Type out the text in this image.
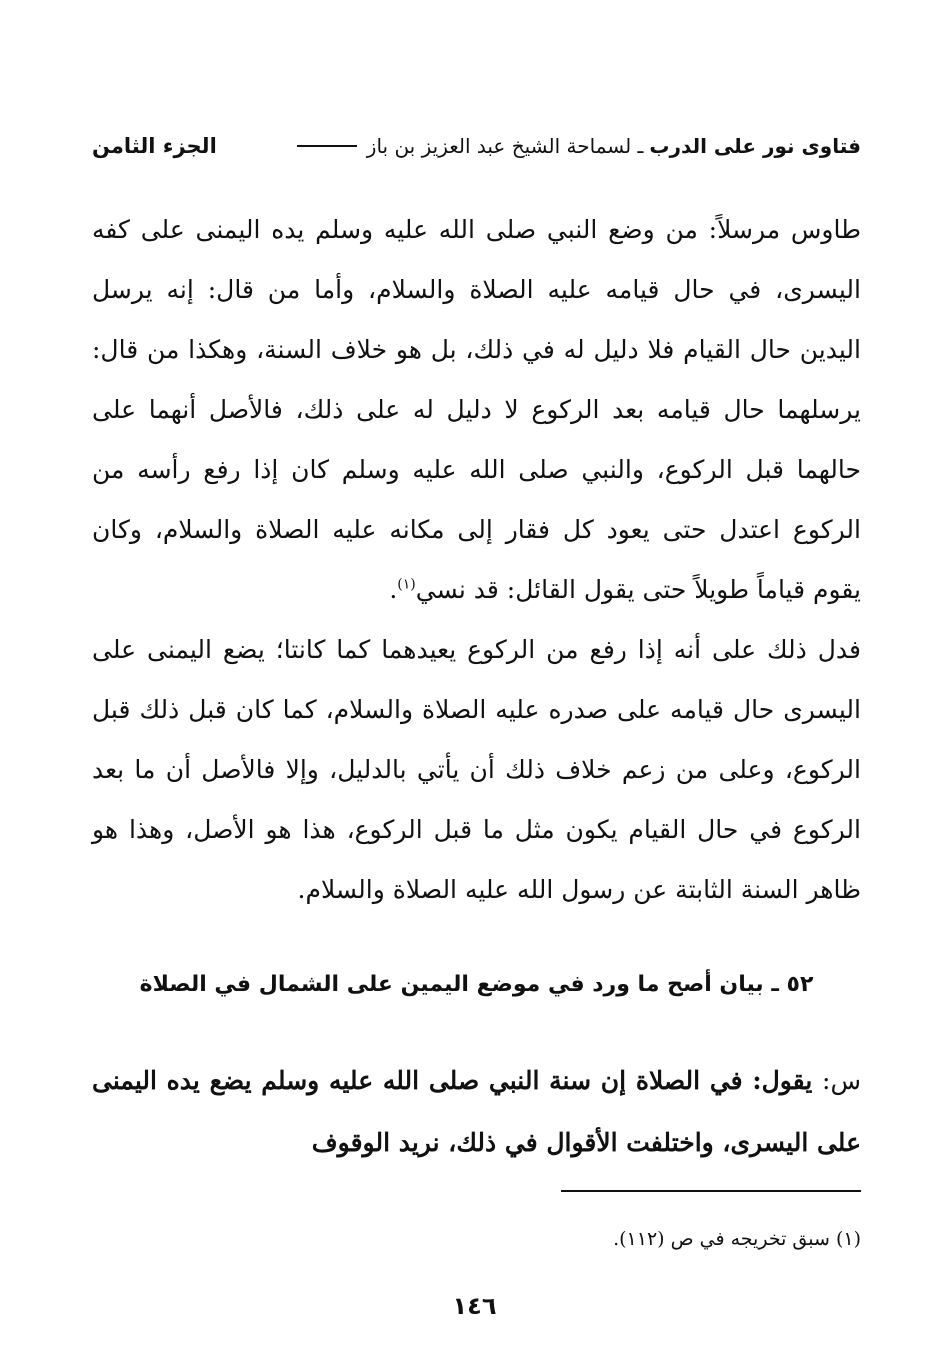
فتاوى نور على الدرب
ـ لسماحة الشيخ عبد العزيز بن باز
الجزء الثامن

طاوس مرسلاً: من وضع النبي صلى الله عليه وسلم يده اليمنى على كفه اليسرى، في حال قيامه عليه الصلاة والسلام، وأما من قال: إنه يرسل اليدين حال القيام فلا دليل له في ذلك، بل هو خلاف السنة، وهكذا من قال: يرسلهما حال قيامه بعد الركوع لا دليل له على ذلك، فالأصل أنهما على حالهما قبل الركوع، والنبي صلى الله عليه وسلم كان إذا رفع رأسه من الركوع اعتدل حتى يعود كل فقار إلى مكانه عليه الصلاة والسلام، وكان يقوم قياماً طويلاً حتى يقول القائل: قد نسي$^{(١)}$.

فدل ذلك على أنه إذا رفع من الركوع يعيدهما كما كانتا؛ يضع اليمنى على اليسرى حال قيامه على صدره عليه الصلاة والسلام، كما كان قبل ذلك قبل الركوع، وعلى من زعم خلاف ذلك أن يأتي بالدليل، وإلا فالأصل أن ما بعد الركوع في حال القيام يكون مثل ما قبل الركوع، هذا هو الأصل، وهذا هو ظاهر السنة الثابتة عن رسول الله عليه الصلاة والسلام.

٥٢ ـ بيان أصح ما ورد في موضع اليمين على الشمال في الصلاة
س: يقول: في الصلاة إن سنة النبي صلى الله عليه وسلم يضع يده اليمنى على اليسرى، واختلفت الأقوال في ذلك، نريد الوقوف
(١) سبق تخريجه في ص (١١٢).
١٤٦
